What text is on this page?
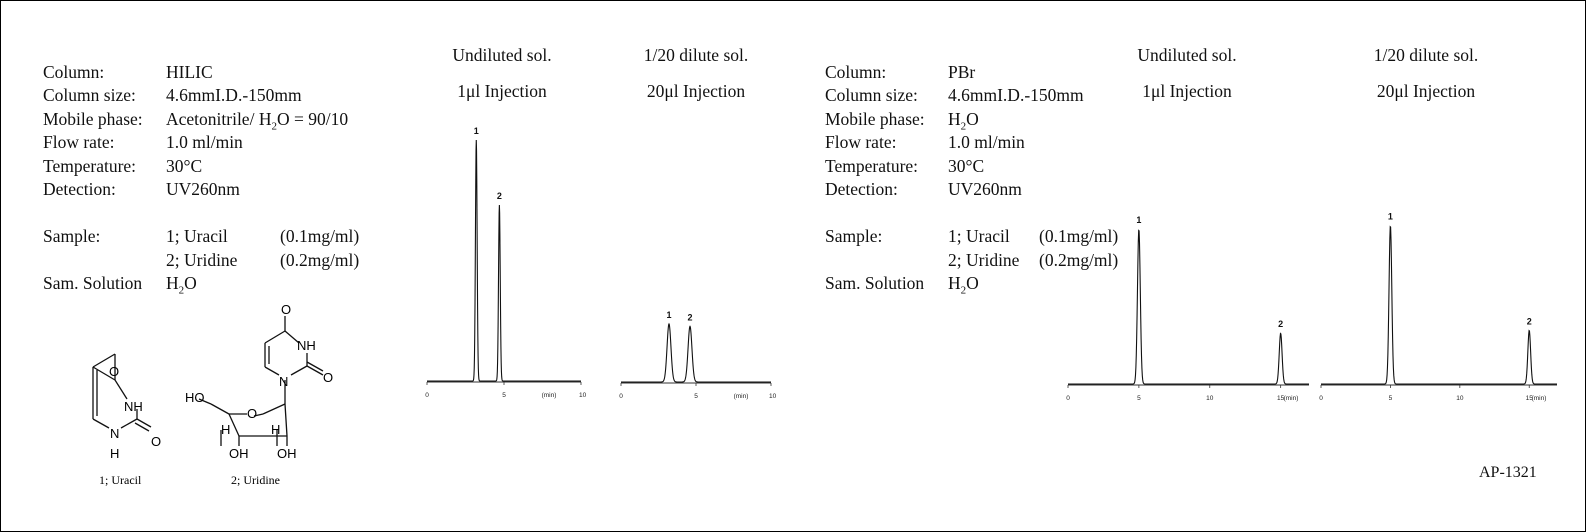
Column:	HILIC
Column size: 4.6mmI.D.-150mm
Mobile phase: Acetonitrile/ $H_2O = 90/10$
Flow rate:	1.0 ml/min
Temperature: 30°C
Detection:	UV260nm
Sample:	1; Uracil	(0.1mg/ml)
2; Uridine (0.2mg/ml)
Sam. Solution $H_2O$
Column:	PBr
Column size: 4.6mmI.D.-150mm
Mobile phase: $H_2O$
Flow rate:	1.0 ml/min
Temperature: 30°C
Detection:	UV260nm
Sample:	1; Uracil (0.1mg/ml)
2; Uridine (0.2mg/ml)
Sam. Solution $H_2O$
Undiluted sol.
1μl Injection
1/20 dilute sol.
20μl Injection
Undiluted sol.
1μl Injection
1/20 dilute sol.
20μl Injection
0	5	10
(min)
1
2
0	5	10
(min)
1 2
0	5	10	15 (min)
1
2
0	5	10	15
(min)
1
2
O
NH
O
N
H
1; Uracil
O
NH
O
N
O
HO
H	H
OH OH
2; Uridine	AP-1321
